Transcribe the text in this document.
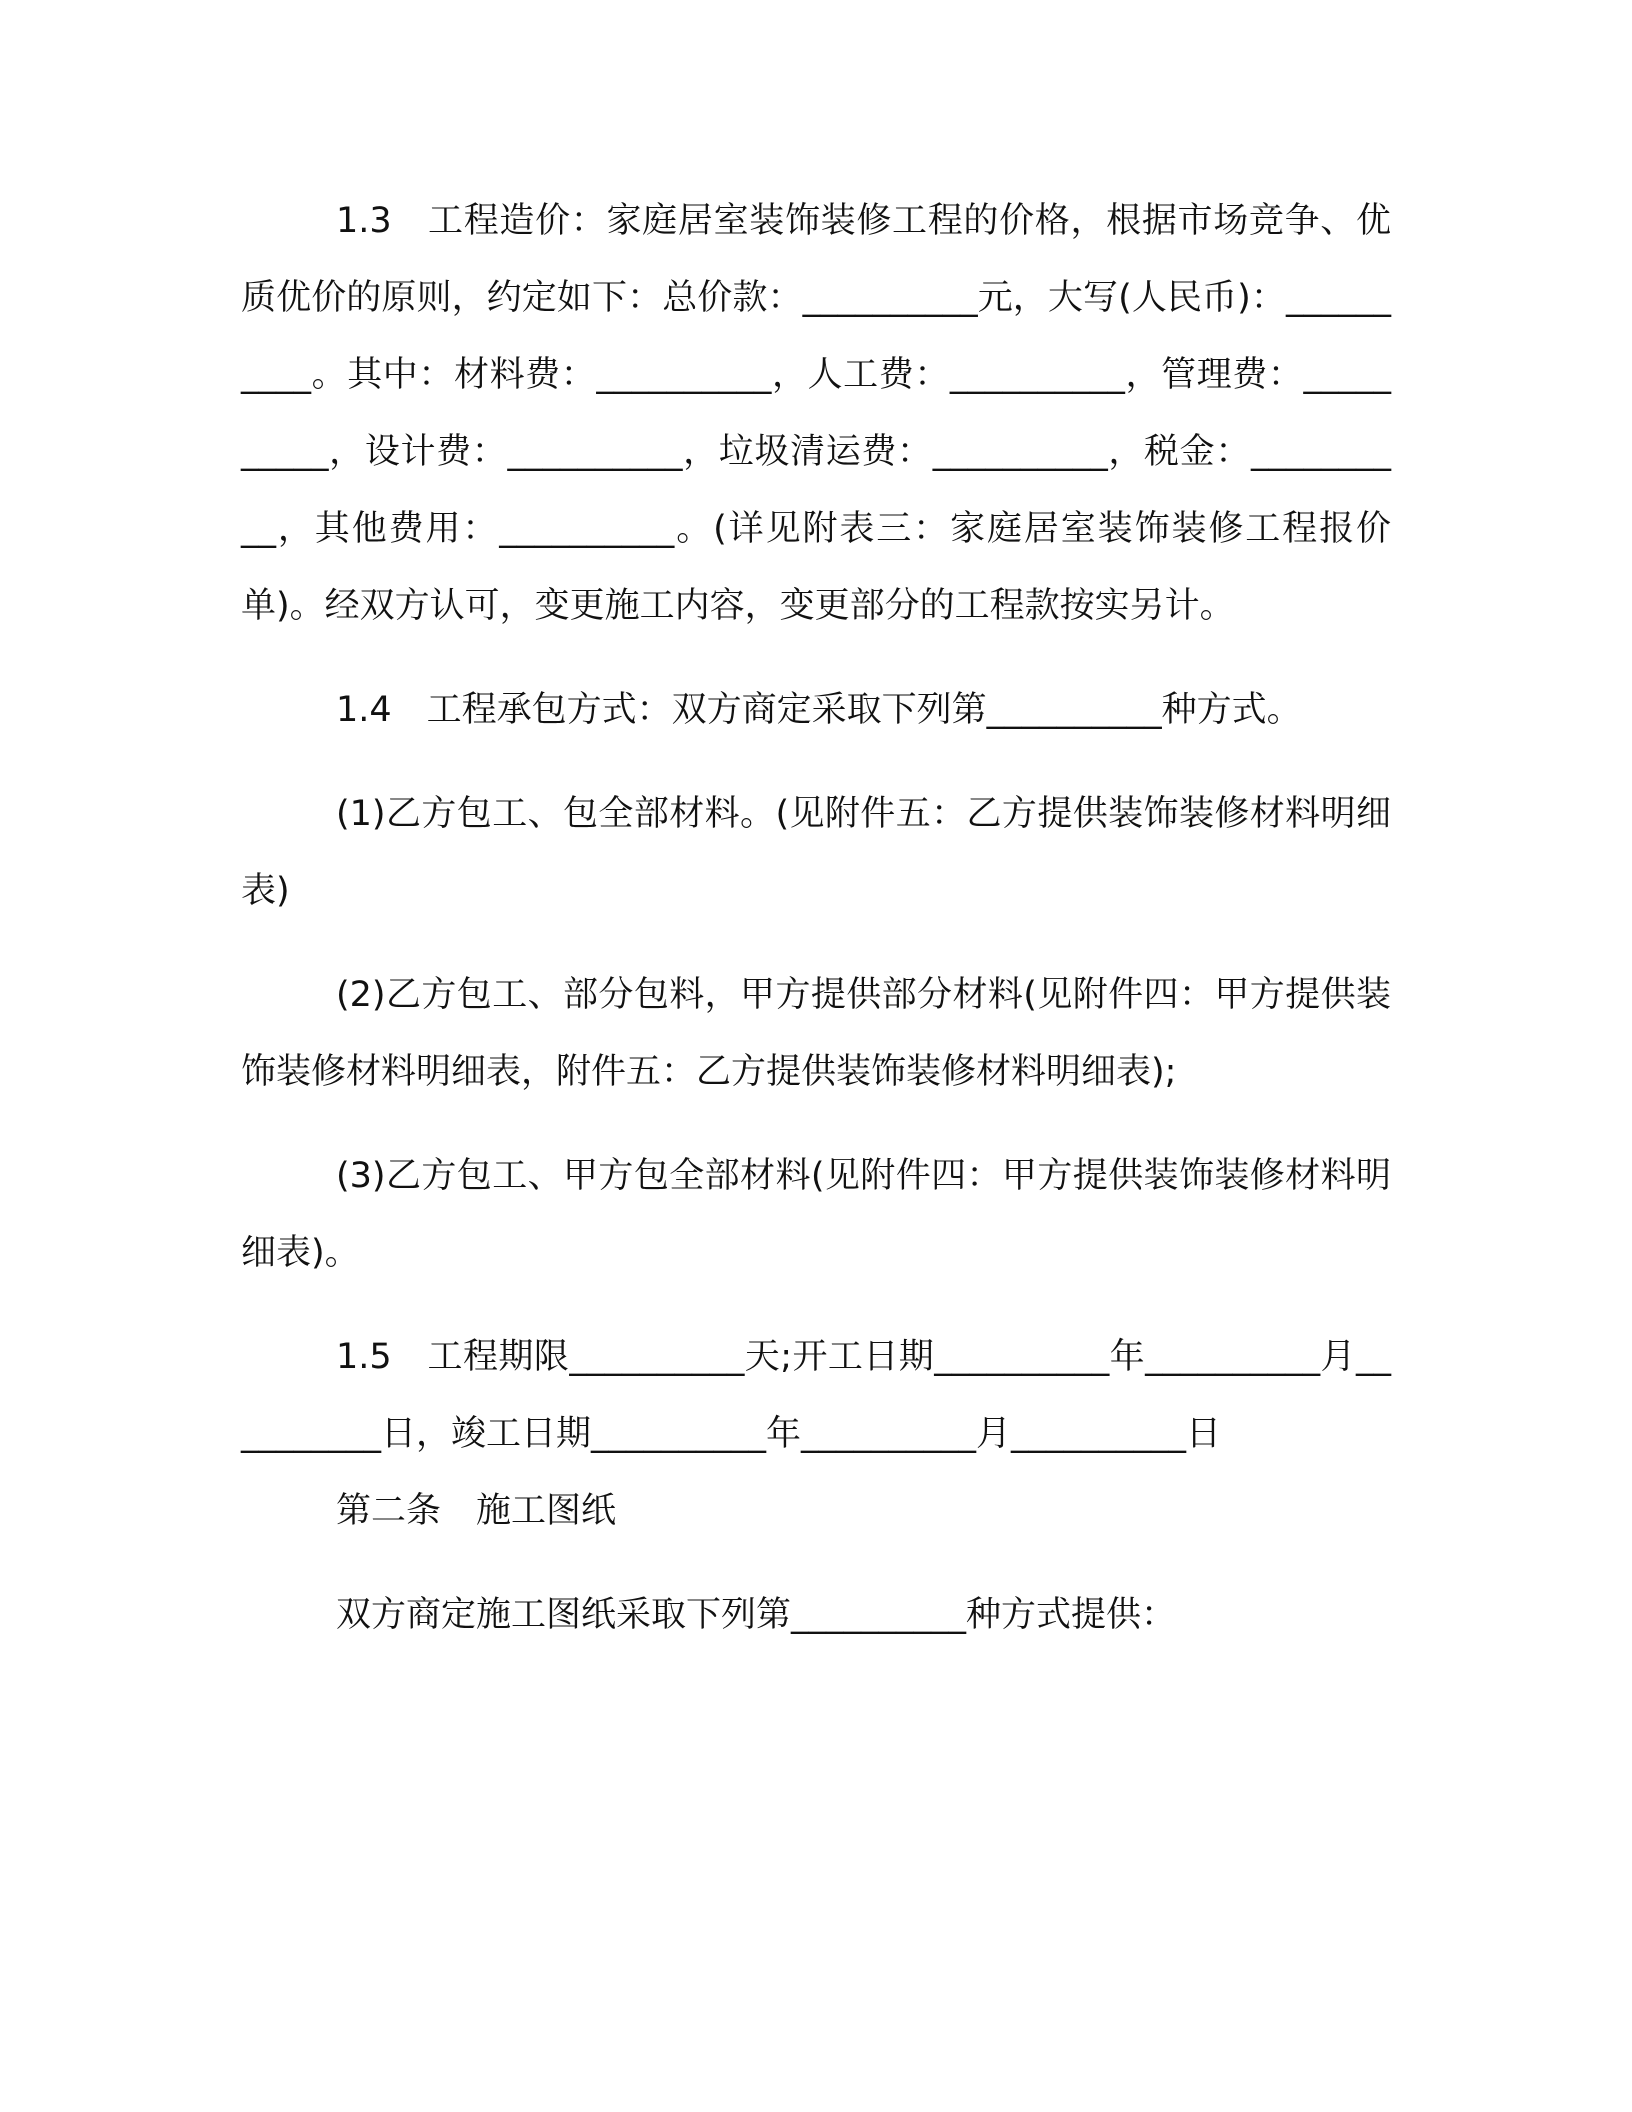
1.3　工程造价：家庭居室装饰装修工程的价格，根据市场竞争、优质优价的原则，约定如下：总价款：__________元，大写(人民币)：__________。其中：材料费：__________，人工费：__________，管理费：__________，设计费：__________，垃圾清运费：__________，税金：__________，其他费用：__________。(详见附表三：家庭居室装饰装修工程报价单)。经双方认可，变更施工内容，变更部分的工程款按实另计。

1.4　工程承包方式：双方商定采取下列第__________种方式。

(1)乙方包工、包全部材料。(见附件五：乙方提供装饰装修材料明细表)

(2)乙方包工、部分包料，甲方提供部分材料(见附件四：甲方提供装饰装修材料明细表，附件五：乙方提供装饰装修材料明细表);

(3)乙方包工、甲方包全部材料(见附件四：甲方提供装饰装修材料明细表)。

1.5　工程期限__________天;开工日期__________年__________月__________日，竣工日期__________年__________月__________日

第二条　施工图纸

双方商定施工图纸采取下列第__________种方式提供：
